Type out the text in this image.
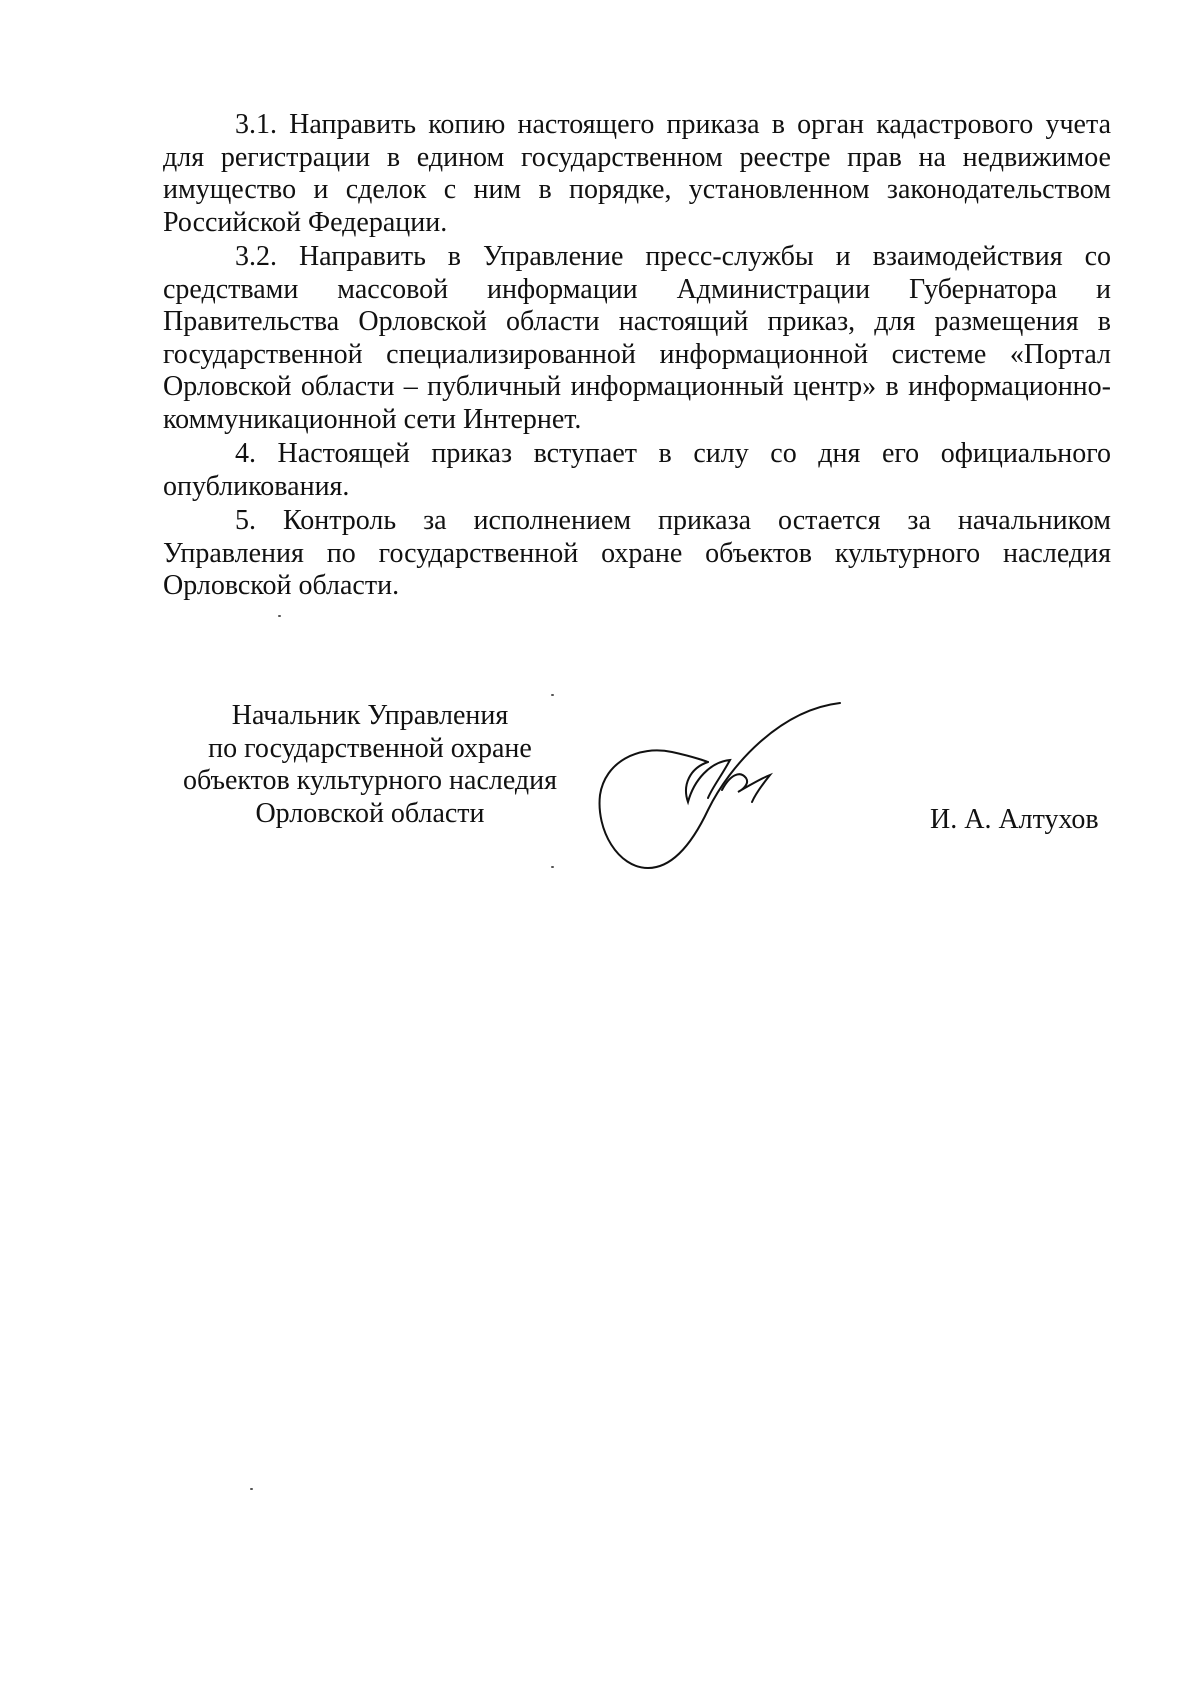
3.1. Направить копию настоящего приказа в орган кадастрового учета для регистрации в едином государственном реестре прав на недвижимое имущество и сделок с ним в порядке, установленном законодательством Российской Федерации.

3.2. Направить в Управление пресс-службы и взаимодействия со средствами массовой информации Администрации Губернатора и Правительства Орловской области настоящий приказ, для размещения в государственной специализированной информационной системе «Портал Орловской области – публичный информационный центр» в информационно-коммуникационной сети Интернет.

4. Настоящей приказ вступает в силу со дня его официального опубликования.

5. Контроль за исполнением приказа остается за начальником Управления по государственной охране объектов культурного наследия Орловской области.

Начальник Управления
по государственной охране
объектов культурного наследия
Орловской области	И. А. Алтухов
